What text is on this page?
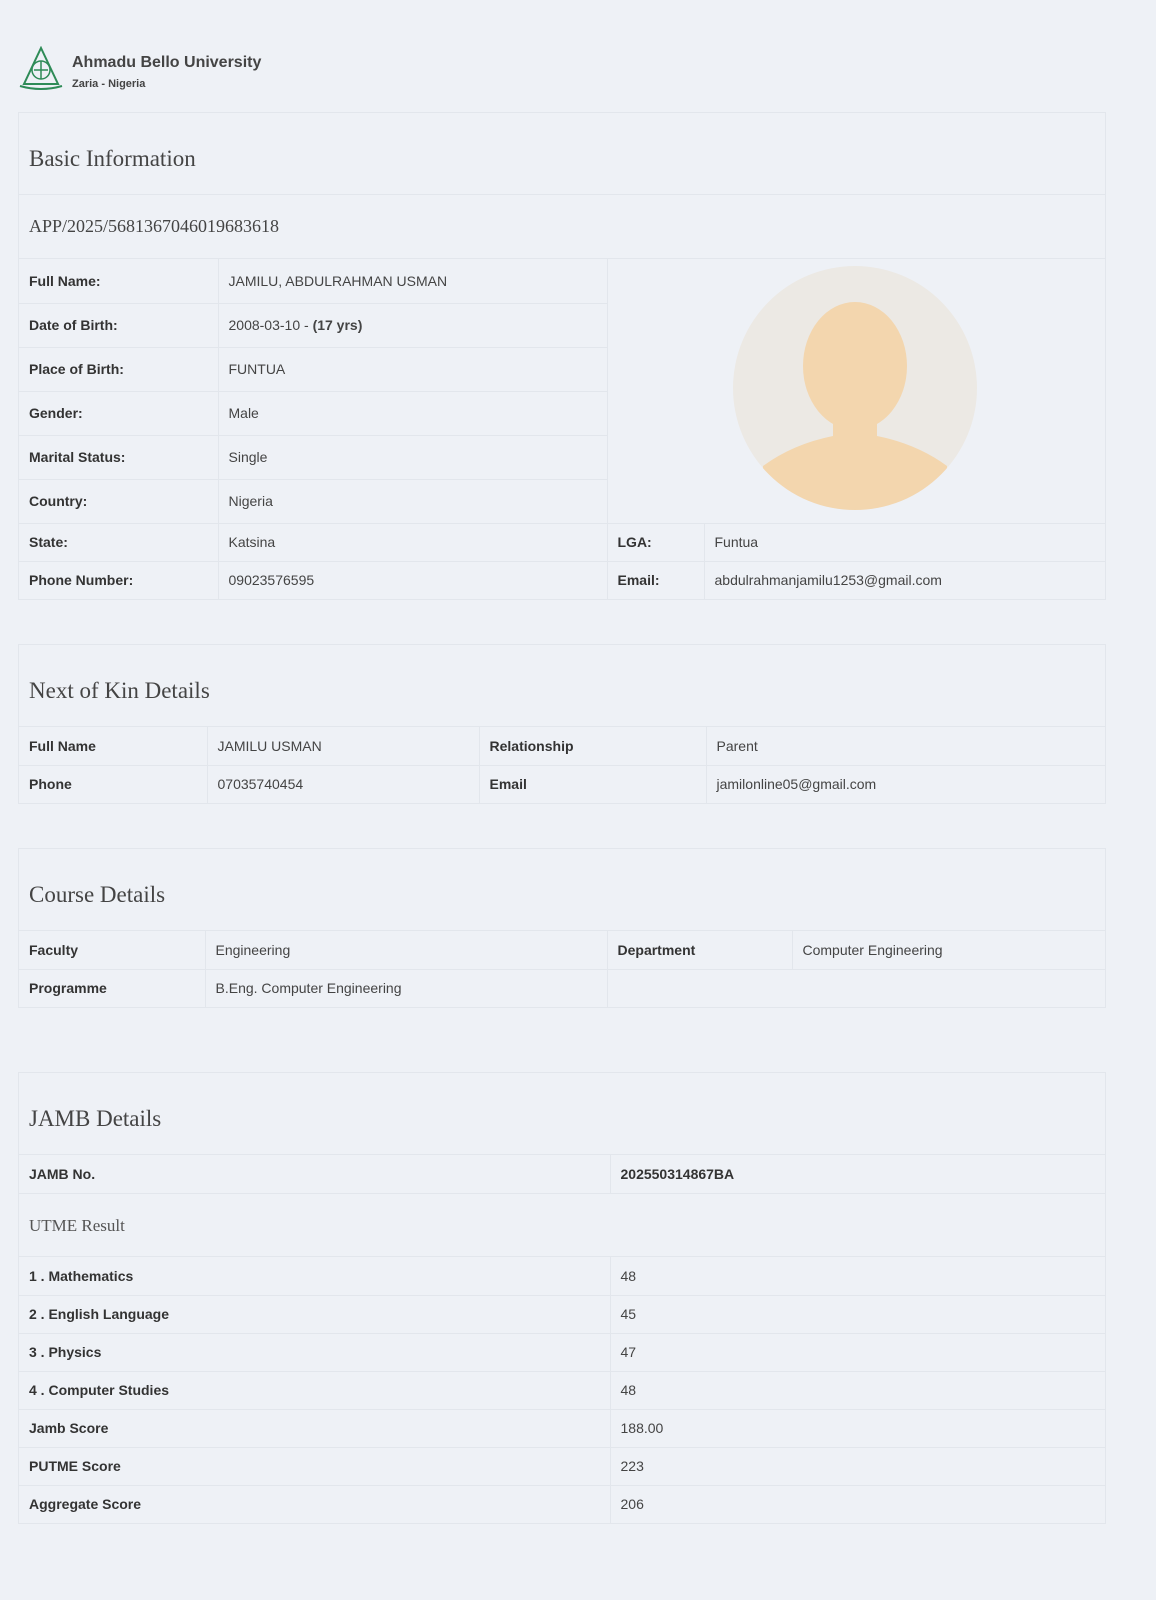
Ahmadu Bello University
Zaria - Nigeria
Basic Information
APP/2025/5681367046019683618
Full Name:	JAMILU, ABDULRAHMAN USMAN	

Date of Birth:	2008-03-10 - (17 yrs)		
Place of Birth:	FUNTUA		
Gender:	Male		
Marital Status:	Single		
Country:	Nigeria		
State:	Katsina	LGA:	Funtua
Phone Number:	09023576595	Email:	abdulrahmanjamilu1253@gmail.com
Next of Kin Details
Full Name	JAMILU USMAN	Relationship	Parent
Phone	07035740454	Email	jamilonline05@gmail.com
Course Details
Faculty	Engineering	Department	Computer Engineering
Programme	B.Eng. Computer Engineering		
JAMB Details
JAMB No.	202550314867BA
UTME Result
1 . Mathematics	48
2 . English Language	45
3 . Physics	47
4 . Computer Studies	48
Jamb Score	188.00
PUTME Score	223
Aggregate Score	206
